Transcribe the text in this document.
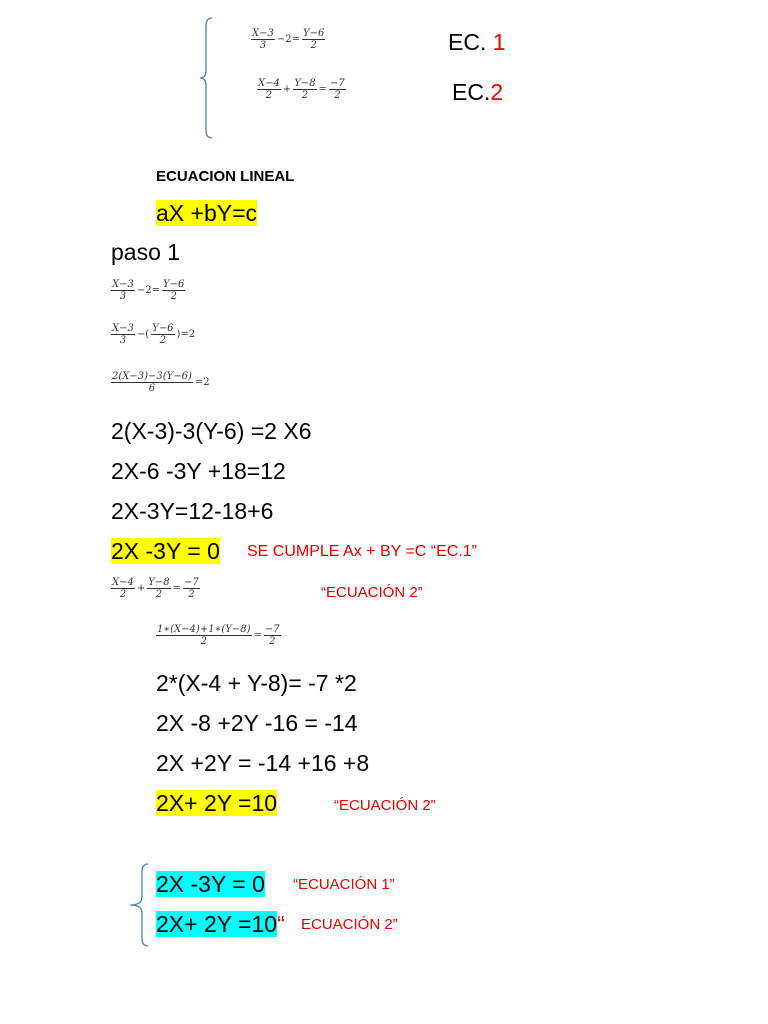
$\frac{X-3}{3} -2= \frac{Y-6}{2}$
$\frac{X-4}{2} + \frac{Y-8}{2} = \frac{-7}{2}$
EC. 1
EC.2
ECUACION LINEAL
aX +bY=c
paso 1
$\frac{X-3}{3} -2= \frac{Y-6}{2}$
$\frac{X-3}{3}$ −( $\frac{Y-6}{2} )=2$
$\frac{2(X-3)-3(Y-6)}{6} =2$
2(X-3)-3(Y-6) =2 X6
2X-6 -3Y +18=12
2X-3Y=12-18+6
2X -3Y = 0 SE CUMPLE Ax + BY =C “EC.1”
$\frac{X-4}{2} + \frac{Y-8}{2} = \frac{-7}{2}$	“ECUACIÓN 2”
$\frac{1∗(X-4)+1∗(Y-8)}{2} = \frac{-7}{2}$
2*(X-4 + Y-8)= -7 *2
2X -8 +2Y -16 = -14
2X +2Y = -14 +16 +8
2X+ 2Y =10	“ECUACIÓN 2”
2X -3Y = 0 “ECUACIÓN 1”
2X+ 2Y =10“ ECUACIÓN 2”
